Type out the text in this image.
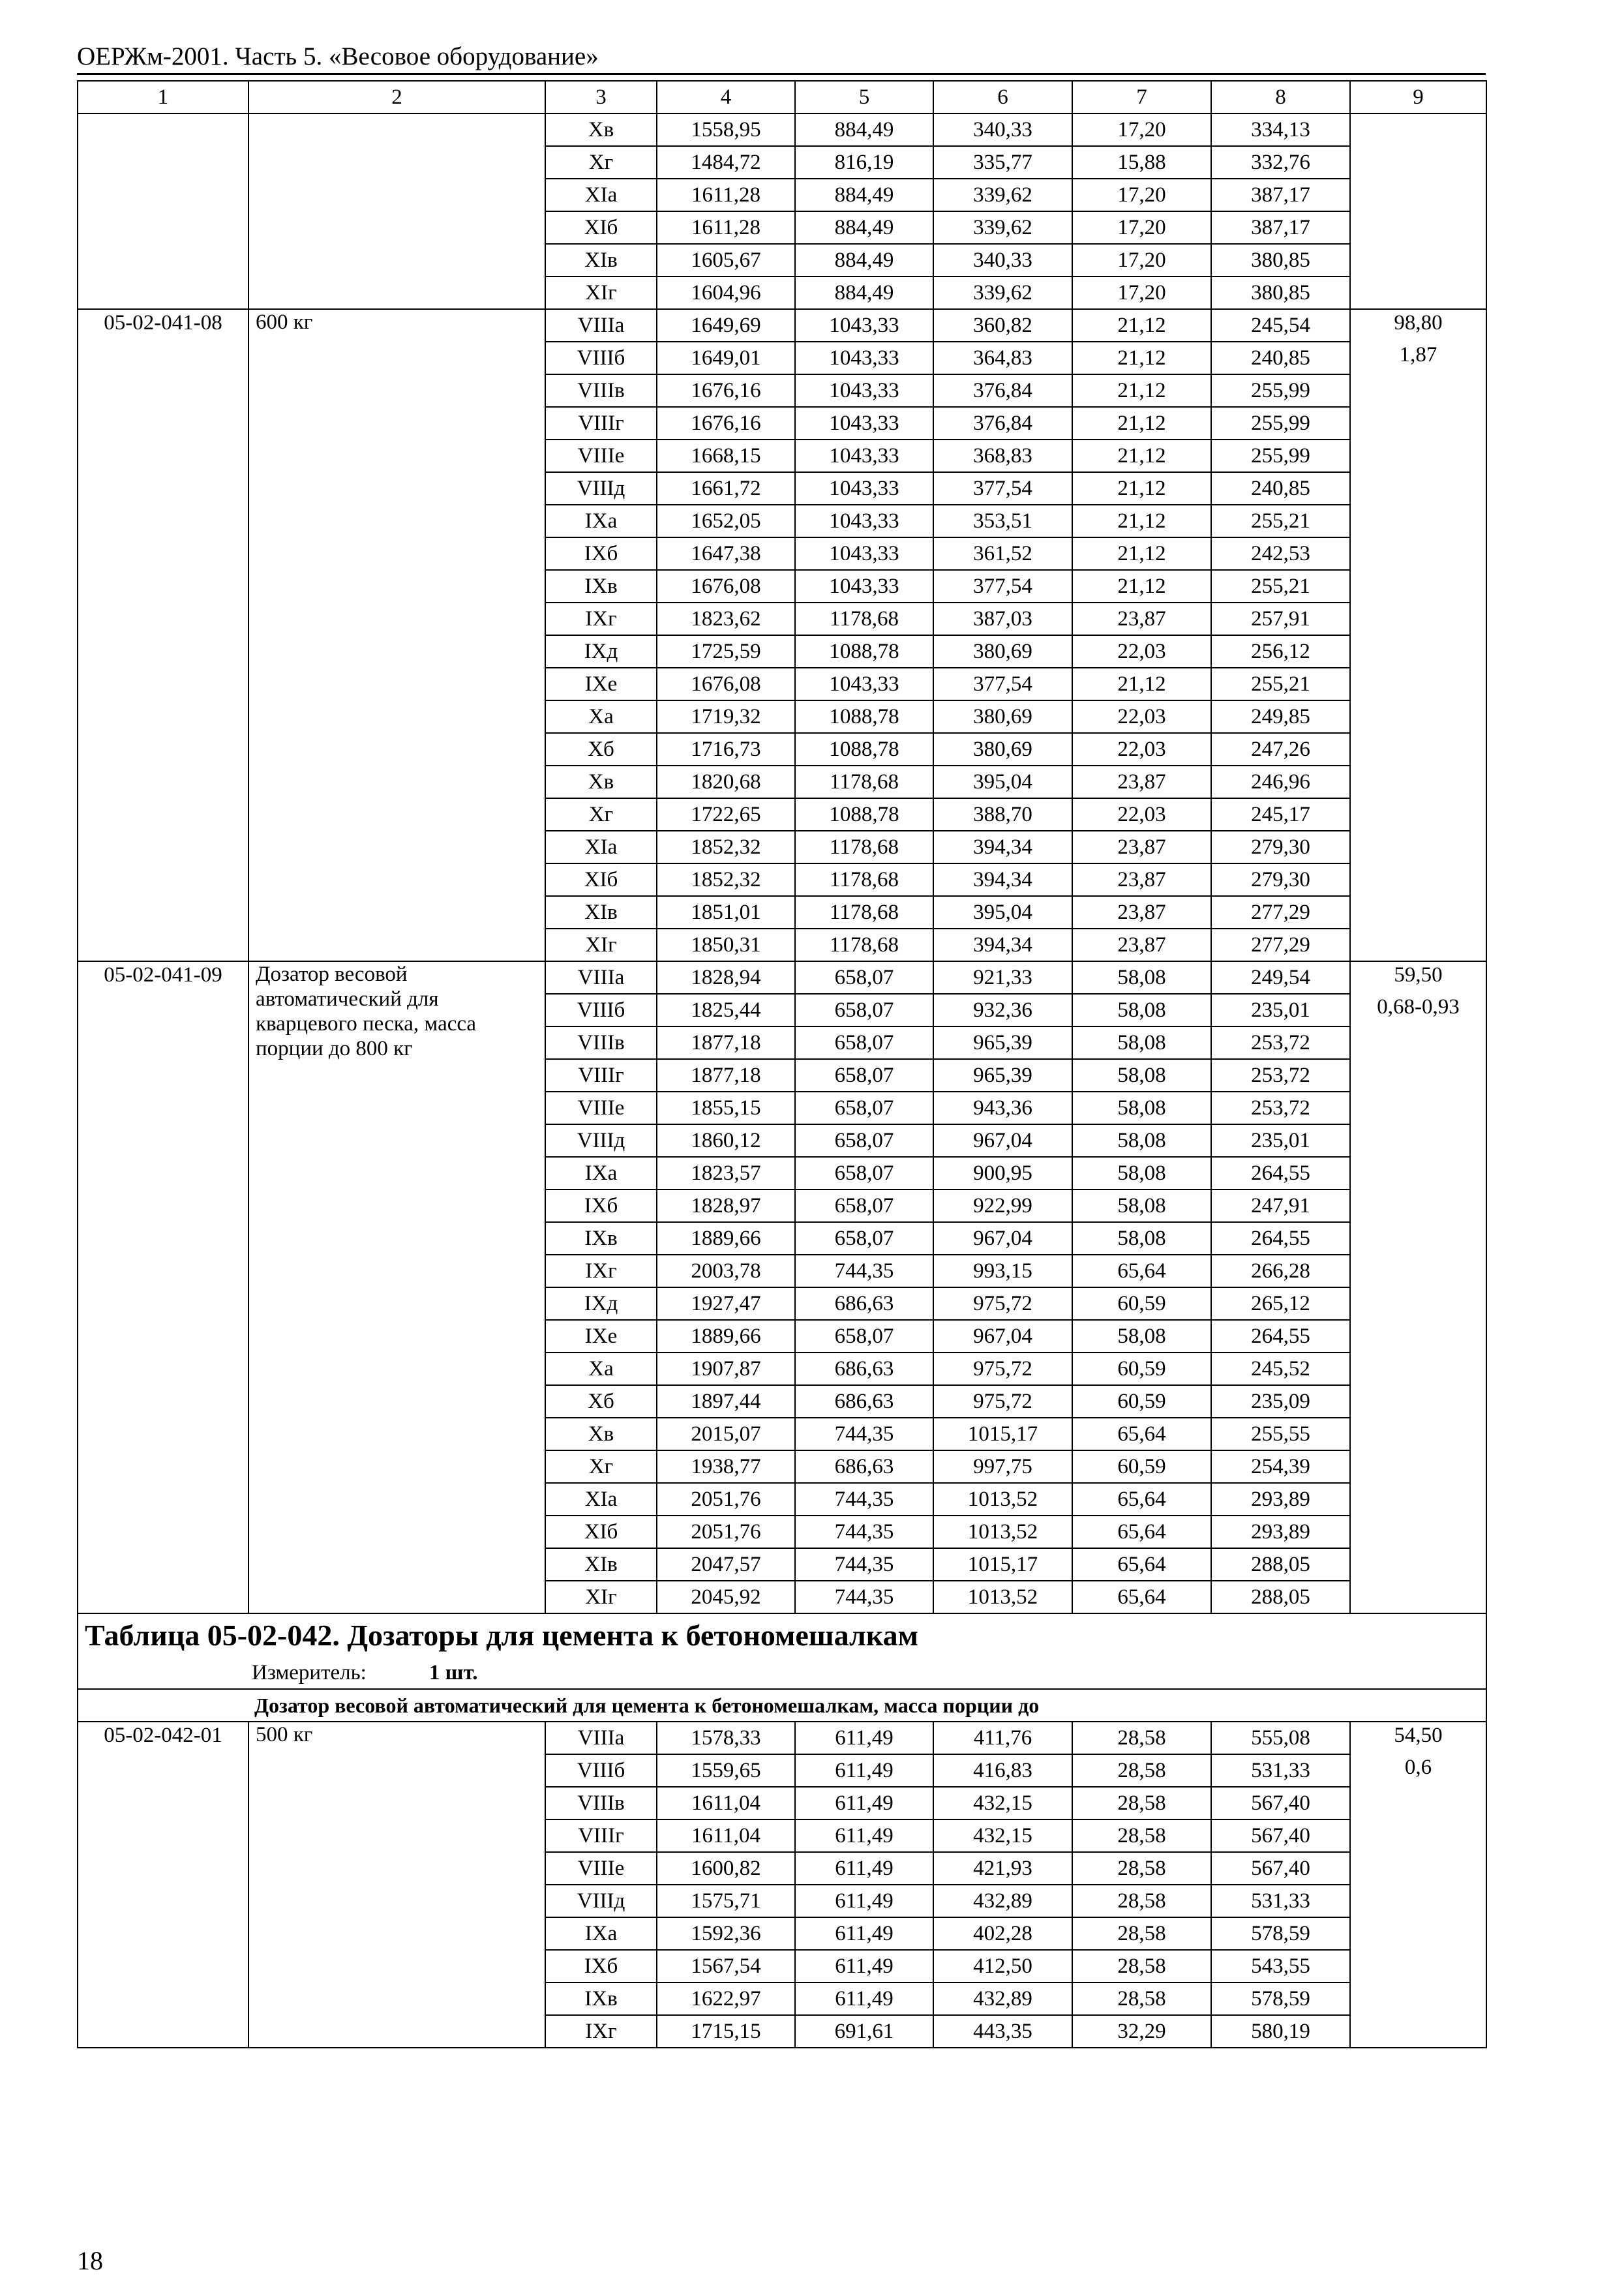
ОЕРЖм-2001. Часть 5. «Весовое оборудование»
1	2	3	4	5	6	7	8	9
		Хв	1558,95	884,49	340,33	17,20	334,13	
		Хг	1484,72	816,19	335,77	15,88	332,76	
		ХIа	1611,28	884,49	339,62	17,20	387,17	
		ХIб	1611,28	884,49	339,62	17,20	387,17	
		ХIв	1605,67	884,49	340,33	17,20	380,85	
		ХIг	1604,96	884,49	339,62	17,20	380,85	
05-02-041-08	600 кг	VIIIа	1649,69	1043,33	360,82	21,12	245,54	98,80
		VIIIб	1649,01	1043,33	364,83	21,12	240,85	1,87
		VIIIв	1676,16	1043,33	376,84	21,12	255,99	
		VIIIг	1676,16	1043,33	376,84	21,12	255,99	
		VIIIе	1668,15	1043,33	368,83	21,12	255,99	
		VIIIд	1661,72	1043,33	377,54	21,12	240,85	
		IХа	1652,05	1043,33	353,51	21,12	255,21	
		IХб	1647,38	1043,33	361,52	21,12	242,53	
		IХв	1676,08	1043,33	377,54	21,12	255,21	
		IХг	1823,62	1178,68	387,03	23,87	257,91	
		IХд	1725,59	1088,78	380,69	22,03	256,12	
		IХе	1676,08	1043,33	377,54	21,12	255,21	
		Ха	1719,32	1088,78	380,69	22,03	249,85	
		Хб	1716,73	1088,78	380,69	22,03	247,26	
		Хв	1820,68	1178,68	395,04	23,87	246,96	
		Хг	1722,65	1088,78	388,70	22,03	245,17	
		ХIа	1852,32	1178,68	394,34	23,87	279,30	
		ХIб	1852,32	1178,68	394,34	23,87	279,30	
		ХIв	1851,01	1178,68	395,04	23,87	277,29	
		ХIг	1850,31	1178,68	394,34	23,87	277,29	
05-02-041-09	Дозатор весовой автоматический для кварцевого песка, масса порции до 800 кг	VIIIа	1828,94	658,07	921,33	58,08	249,54	59,50
		VIIIб	1825,44	658,07	932,36	58,08	235,01	0,68-0,93
		VIIIв	1877,18	658,07	965,39	58,08	253,72	
		VIIIг	1877,18	658,07	965,39	58,08	253,72	
		VIIIе	1855,15	658,07	943,36	58,08	253,72	
		VIIIд	1860,12	658,07	967,04	58,08	235,01	
		IХа	1823,57	658,07	900,95	58,08	264,55	
		IХб	1828,97	658,07	922,99	58,08	247,91	
		IХв	1889,66	658,07	967,04	58,08	264,55	
		IХг	2003,78	744,35	993,15	65,64	266,28	
		IХд	1927,47	686,63	975,72	60,59	265,12	
		IХе	1889,66	658,07	967,04	58,08	264,55	
		Ха	1907,87	686,63	975,72	60,59	245,52	
		Хб	1897,44	686,63	975,72	60,59	235,09	
		Хв	2015,07	744,35	1015,17	65,64	255,55	
		Хг	1938,77	686,63	997,75	60,59	254,39	
		ХIа	2051,76	744,35	1013,52	65,64	293,89	
		ХIб	2051,76	744,35	1013,52	65,64	293,89	
		ХIв	2047,57	744,35	1015,17	65,64	288,05	
		ХIг	2045,92	744,35	1013,52	65,64	288,05	
Таблица 05-02-042. Дозаторы для цемента к бетономешалкам								
Измеритель: 1 шт.								
Дозатор весовой автоматический для цемента к бетономешалкам, масса порции до								
05-02-042-01	500 кг	VIIIа	1578,33	611,49	411,76	28,58	555,08	54,50
		VIIIб	1559,65	611,49	416,83	28,58	531,33	0,6
		VIIIв	1611,04	611,49	432,15	28,58	567,40	
		VIIIг	1611,04	611,49	432,15	28,58	567,40	
		VIIIе	1600,82	611,49	421,93	28,58	567,40	
		VIIIд	1575,71	611,49	432,89	28,58	531,33	
		IХа	1592,36	611,49	402,28	28,58	578,59	
		IХб	1567,54	611,49	412,50	28,58	543,55	
		IХв	1622,97	611,49	432,89	28,58	578,59	
		IХг	1715,15	691,61	443,35	32,29	580,19	
18
